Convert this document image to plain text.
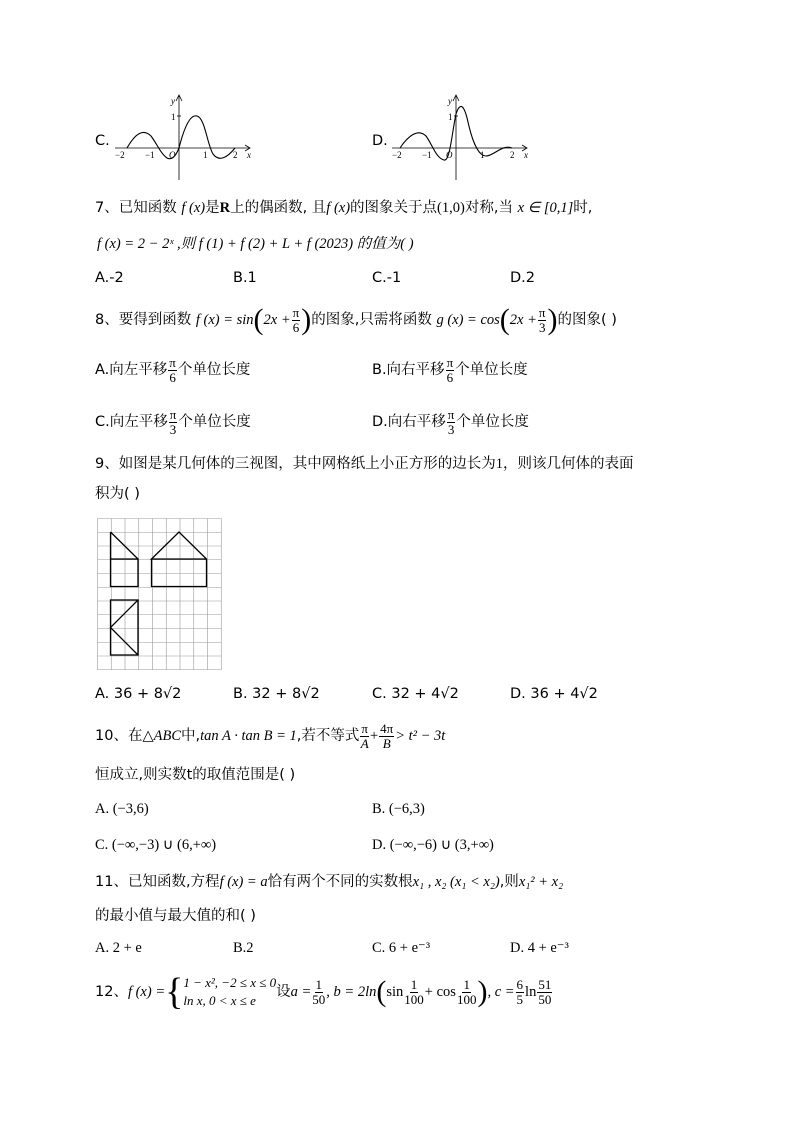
C.
y
x
O
1
−2 −1	1	2
D.
y
x
O
1
−2 −1	1	2
7、已知函数 f (x)是R上的偶函数, 且f (x)的图象关于点(1,0)对称,当 x ∈ [0,1]时,
f (x) = 2 − 2ˣ ,则 f (1) + f (2) + L + f (2023) 的值为( )
A.-2	B.1	C.-1	D.2
8、 要得到函数
f (x) = sin ( $2x + \frac{\pi}{6}$ ) 的图象,只需将函数
g (x) = cos ( $2x + \frac{\pi}{3}$ ) 的图象( )
A.向左平移 $\frac{\pi}{6}$ 个单位长度	B.向右平移 $\frac{\pi}{6}$ 个单位长度
C.向左平移 $\frac{\pi}{3}$ 个单位长度	D.向右平移 $\frac{\pi}{3}$ 个单位长度
9、如图是某几何体的三视图，其中网格纸上小正方形的边长为1，则该几何体的表面
积为( )
A. 36 + 8√2	B. 32 + 8√2	C. 32 + 4√2	D. 36 + 4√2
10、 在△ ABC 中, tan A · tan B = 1 ,若不等式 $\frac{\pi}{A} + \frac{4\pi}{B} > t^2 - 3t$
恒成立,则实数t的取值范围是( )
A. (−3,6)	B. (−6,3)
C. (−∞,−3) ∪ (6,+∞)	D. (−∞,−6) ∪ (3,+∞)
11、已知函数,方程f (x) = a恰有两个不同的实数根x₁ , x₂ (x₁ < x₂),则x₁² + x₂
的最小值与最大值的和( )
A. 2 + e	B.2	C. 6 + e⁻³	D. 4 + e⁻³
12、 f (x) = { 1 − x², −2 ≤ x ≤ 0
ln x, 0 < x ≤ e
设 $a = \frac{1}{50}$ , b = 2ln ( $\sin \frac{1}{100} + \cos \frac{1}{100}$ ) , $c = \frac{6}{5}$ $\ln \frac{51}{50}$
